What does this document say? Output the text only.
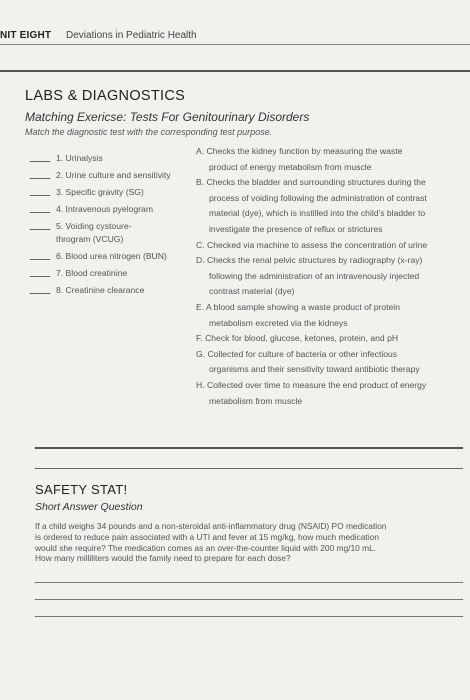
NIT EIGHT Deviations in Pediatric Health
LABS & DIAGNOSTICS
Matching Exericse: Tests For Genitourinary Disorders
Match the diagnostic test with the corresponding test purpose.
1. Urinalysis
2. Urine culture and sensitivity
3. Specific gravity (SG)
4. Intravenous pyelogram
5. Voiding cystoure-
throgram (VCUG)
6. Blood urea nitrogen (BUN)
7. Blood creatinine
8. Creatinine clearance
A. Checks the kidney function by measuring the waste
product of energy metabolism from muscle
B. Checks the bladder and surrounding structures during the
process of voiding following the administration of contrast
material (dye), which is instilled into the child's bladder to
investigate the presence of reflux or strictures
C. Checked via machine to assess the concentration of urine
D. Checks the renal pelvic structures by radiography (x-ray)
following the administration of an intravenously injected
contrast material (dye)
E. A blood sample showing a waste product of protein
metabolism excreted via the kidneys
F. Check for blood, glucose, ketones, protein, and pH
G. Collected for culture of bacteria or other infectious
organisms and their sensitivity toward antibiotic therapy
H. Collected over time to measure the end product of energy
metabolism from muscle
SAFETY STAT!
Short Answer Question
If a child weighs 34 pounds and a non-steroidal anti-inflammatory drug (NSAID) PO medication
is ordered to reduce pain associated with a UTI and fever at 15 mg/kg, how much medication
would she require? The medication comes as an over-the-counter liquid with 200 mg/10 mL.
How many milliliters would the family need to prepare for each dose?
